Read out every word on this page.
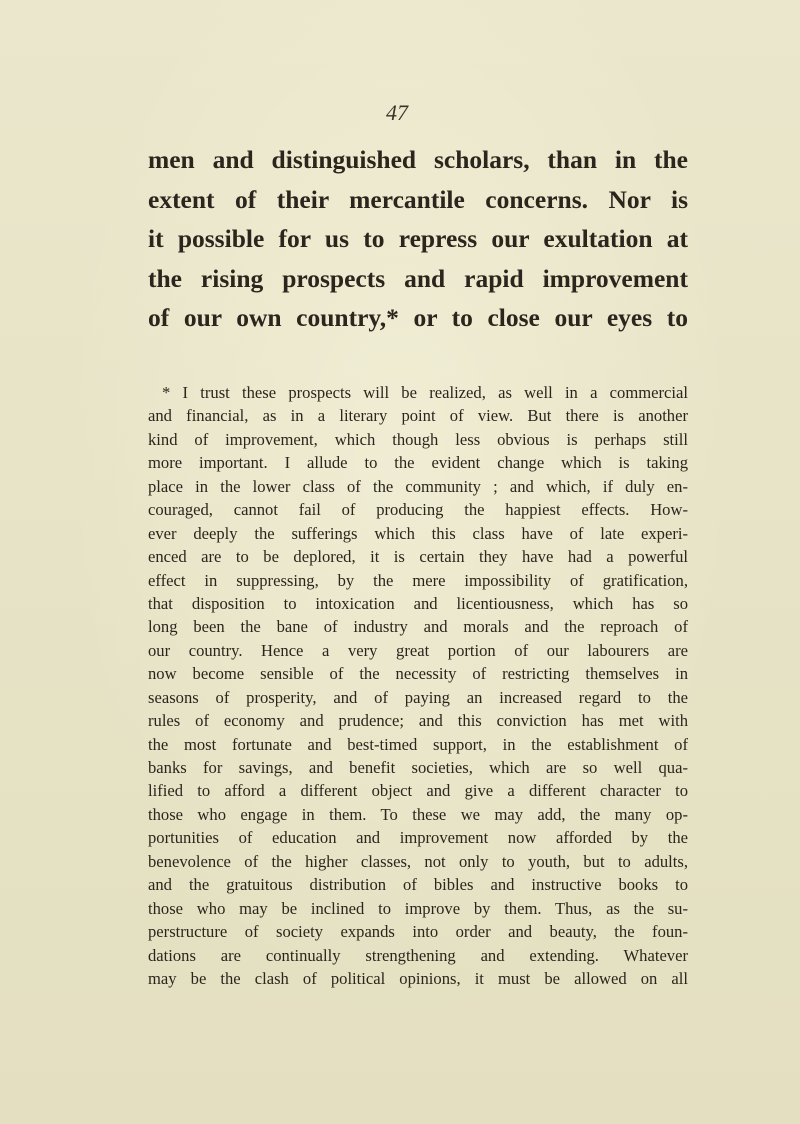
47
men and distinguished scholars, than in the
extent of their mercantile concerns. Nor is
it possible for us to repress our exultation at
the rising prospects and rapid improvement
of our own country,* or to close our eyes to
* I trust these prospects will be realized, as well in a commercial
and financial, as in a literary point of view. But there is another
kind of improvement, which though less obvious is perhaps still
more important. I allude to the evident change which is taking
place in the lower class of the community ; and which, if duly en-
couraged, cannot fail of producing the happiest effects. How-
ever deeply the sufferings which this class have of late experi-
enced are to be deplored, it is certain they have had a powerful
effect in suppressing, by the mere impossibility of gratification,
that disposition to intoxication and licentiousness, which has so
long been the bane of industry and morals and the reproach of
our country. Hence a very great portion of our labourers are
now become sensible of the necessity of restricting themselves in
seasons of prosperity, and of paying an increased regard to the
rules of economy and prudence; and this conviction has met with
the most fortunate and best-timed support, in the establishment of
banks for savings, and benefit societies, which are so well qua-
lified to afford a different object and give a different character to
those who engage in them. To these we may add, the many op-
portunities of education and improvement now afforded by the
benevolence of the higher classes, not only to youth, but to adults,
and the gratuitous distribution of bibles and instructive books to
those who may be inclined to improve by them. Thus, as the su-
perstructure of society expands into order and beauty, the foun-
dations are continually strengthening and extending. Whatever
may be the clash of political opinions, it must be allowed on all
